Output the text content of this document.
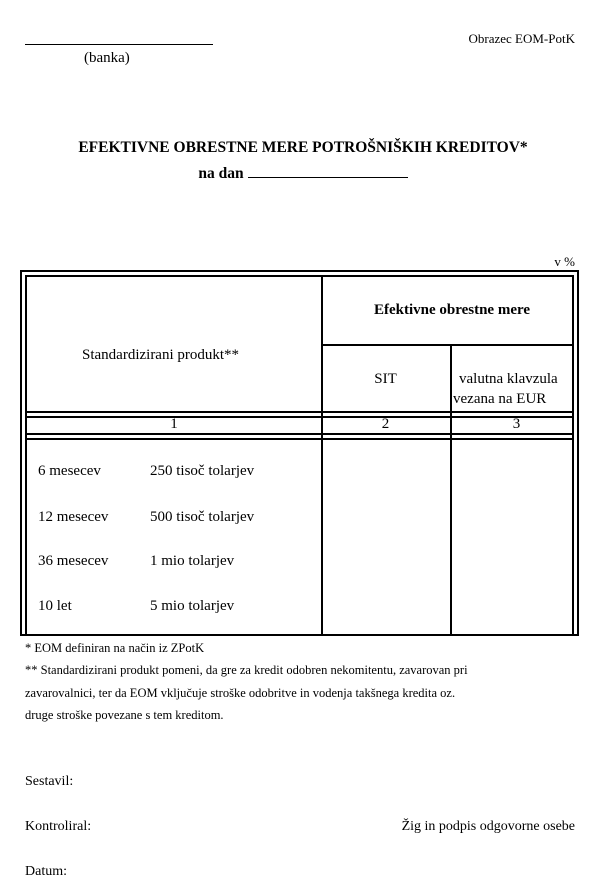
(banka)
Obrazec EOM-PotK
EFEKTIVNE OBRESTNE MERE POTROŠNIŠKIH KREDITOV*
na dan
v %
Standardizirani produkt**
Efektivne obrestne mere
SIT	valutna klavzula
vezana na EUR
1	2	3
6 mesecev	250 tisoč tolarjev
12 mesecev	500 tisoč tolarjev
36 mesecev	1 mio tolarjev
10 let	5 mio tolarjev
* EOM definiran na način iz ZPotK
** Standardizirani produkt pomeni, da gre za kredit odobren nekomitentu, zavarovan pri
zavarovalnici, ter da EOM vključuje stroške odobritve in vodenja takšnega kredita oz.
druge stroške povezane s tem kreditom.
Sestavil:
Kontroliral:	Žig in podpis odgovorne osebe
Datum:
